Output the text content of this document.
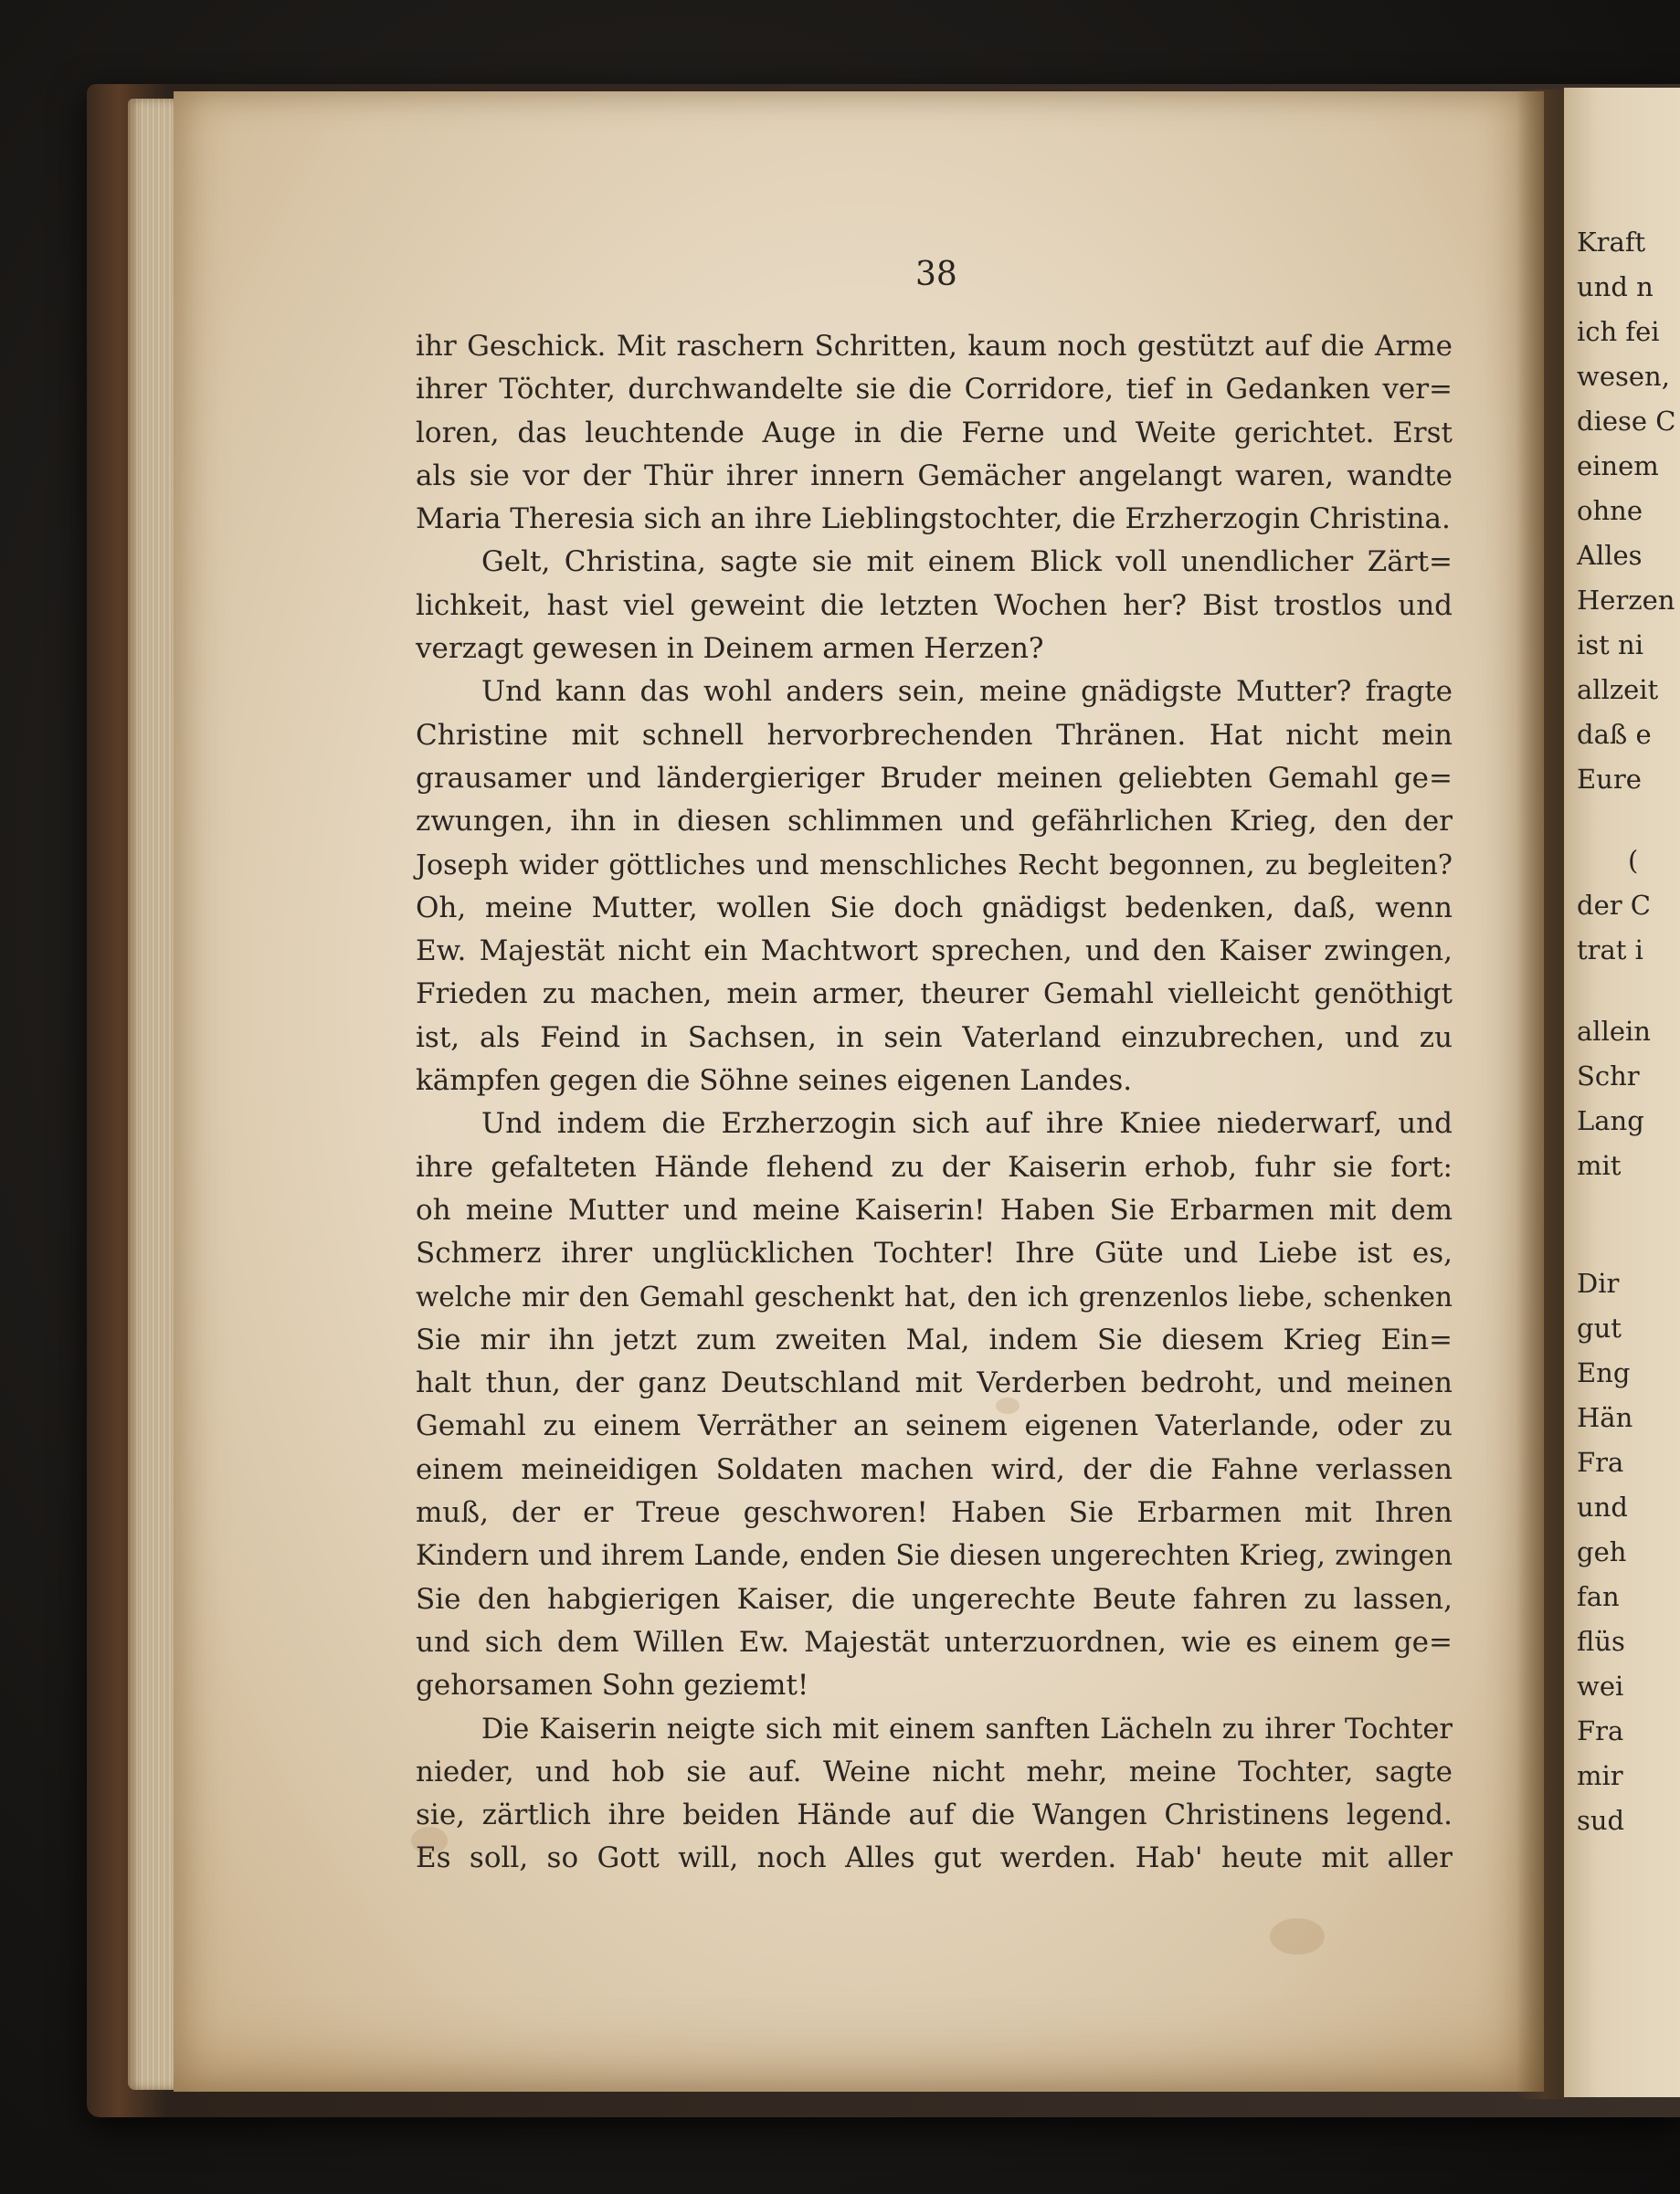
Kraft
und n
ich fei
wesen,
diese C
einem
ohne
Alles
Herzen
ist ni
allzeit
daß e
Eure
(
der C
trat i
allein
Schr
Lang
mit
Dir
gut
Eng
Hän
Fra
und
geh
fan
flüs
wei
Fra
mir
sud
38
ihr Geschick. Mit raschern Schritten, kaum noch gestützt auf die Arme
ihrer Töchter, durchwandelte sie die Corridore, tief in Gedanken ver=
loren, das leuchtende Auge in die Ferne und Weite gerichtet. Erst
als sie vor der Thür ihrer innern Gemächer angelangt waren, wandte
Maria Theresia sich an ihre Lieblingstochter, die Erzherzogin Christina.
Gelt, Christina, sagte sie mit einem Blick voll unendlicher Zärt=
lichkeit, hast viel geweint die letzten Wochen her? Bist trostlos und
verzagt gewesen in Deinem armen Herzen?
Und kann das wohl anders sein, meine gnädigste Mutter? fragte
Christine mit schnell hervorbrechenden Thränen. Hat nicht mein
grausamer und ländergieriger Bruder meinen geliebten Gemahl ge=
zwungen, ihn in diesen schlimmen und gefährlichen Krieg, den der
Joseph wider göttliches und menschliches Recht begonnen, zu begleiten?
Oh, meine Mutter, wollen Sie doch gnädigst bedenken, daß, wenn
Ew. Majestät nicht ein Machtwort sprechen, und den Kaiser zwingen,
Frieden zu machen, mein armer, theurer Gemahl vielleicht genöthigt
ist, als Feind in Sachsen, in sein Vaterland einzubrechen, und zu
kämpfen gegen die Söhne seines eigenen Landes.
Und indem die Erzherzogin sich auf ihre Kniee niederwarf, und
ihre gefalteten Hände flehend zu der Kaiserin erhob, fuhr sie fort:
oh meine Mutter und meine Kaiserin! Haben Sie Erbarmen mit dem
Schmerz ihrer unglücklichen Tochter! Ihre Güte und Liebe ist es,
welche mir den Gemahl geschenkt hat, den ich grenzenlos liebe, schenken
Sie mir ihn jetzt zum zweiten Mal, indem Sie diesem Krieg Ein=
halt thun, der ganz Deutschland mit Verderben bedroht, und meinen
Gemahl zu einem Verräther an seinem eigenen Vaterlande, oder zu
einem meineidigen Soldaten machen wird, der die Fahne verlassen
muß, der er Treue geschworen! Haben Sie Erbarmen mit Ihren
Kindern und ihrem Lande, enden Sie diesen ungerechten Krieg, zwingen
Sie den habgierigen Kaiser, die ungerechte Beute fahren zu lassen,
und sich dem Willen Ew. Majestät unterzuordnen, wie es einem ge=
gehorsamen Sohn geziemt!
Die Kaiserin neigte sich mit einem sanften Lächeln zu ihrer Tochter
nieder, und hob sie auf. Weine nicht mehr, meine Tochter, sagte
sie, zärtlich ihre beiden Hände auf die Wangen Christinens legend.
Es soll, so Gott will, noch Alles gut werden. Hab' heute mit aller
